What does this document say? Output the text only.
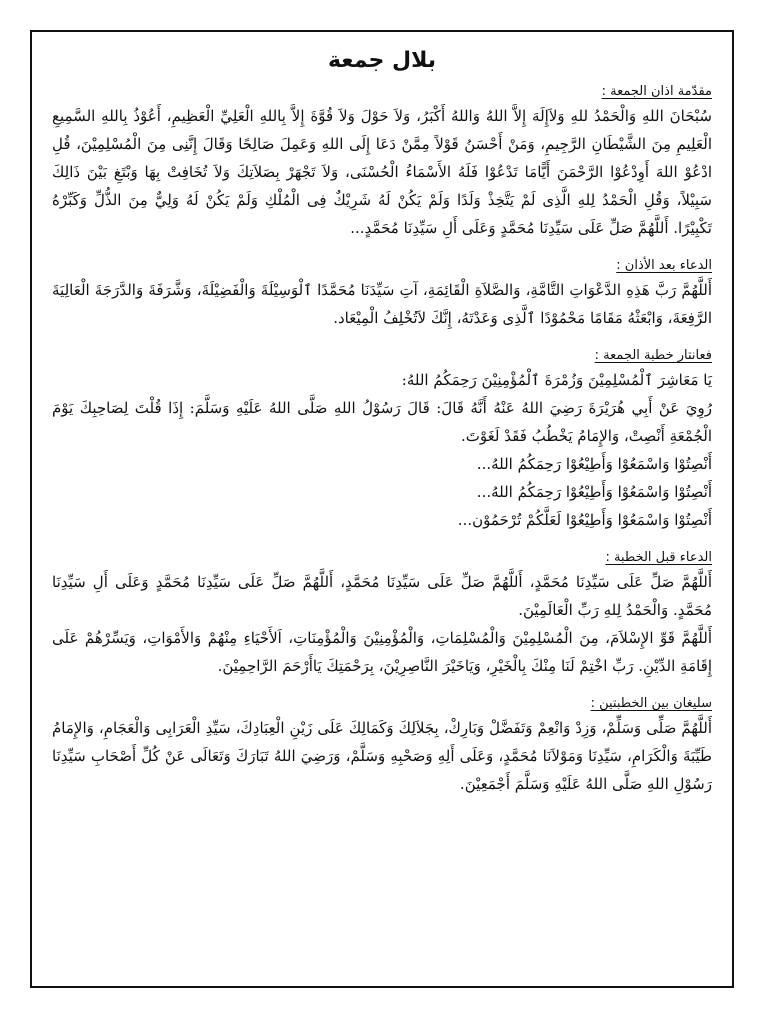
بلال جمعة
مقدّمة اذان الجمعة :

سُبْحَانَ اللهِ وَالْحَمْدُ للهِ وَلاَإِلَهَ إِلاَّ اللهُ وَاللهُ أَكْبَرُ، وَلاَ حَوْلَ وَلاَ قُوَّةَ إِلاَّ بِاللهِ الْعَلِيِّ الْعَظِيمِ، أَعُوْذُ بِاللهِ السَّمِيعِ الْعَلِيمِ مِنَ الشَّيْطَانِ الرَّجِيمِ، وَمَنْ أَحْسَنُ قَوْلاً مِمَّنْ دَعَا إِلَى اللهِ وَعَمِلَ صَالِحًا وَقَالَ إِنَّنِى مِنَ الْمُسْلِمِيْنَ، قُلِ ادْعُوْ اللهَ أَوِدْعُوْا الرَّحْمَنَ أَيًّامَا تَدْعُوْا فَلَهُ الأَسْمَاءُ الْحُسْنَى، وَلاَ تَجْهَرْ بِصَلاَتِكَ وَلاَ تُخَافِتْ بِهَا وَبْتَغِ بَيْنَ ذَالِكَ سَبِيْلاً، وَقُلِ الْحَمْدُ لِلهِ الَّذِى لَمْ يَتَّخِذْ وَلَدًا وَلَمْ يَكُنْ لَهُ شَرِيْكٌ فِى الْمُلْكِ وَلَمْ يَكُنْ لَهُ وَلِيٌّ مِنَ الذُّلِّ وَكَبِّرْهُ تَكْبِيْرًا. أَللَّهُمَّ صَلِّ عَلَى سَيِّدِنَا مُحَمَّدٍ وَعَلَى أَلِ سَيِّدِنَا مُحَمَّدٍ...

الدعاء بعد الأذان :

أَللَّهُمَّ رَبَّ هَذِهِ الدَّعْوَاتِ التَّامَّةِ، وَالصَّلاَةِ الْقَائِمَةِ، آتِ سَيِّدَنَا مُحَمَّدًا ٱلْوَسِيْلَةَ وَالْفَضِيْلَةَ، وَشَّرَفَةَ وَالدَّرَجَةَ الْعَالِيَةَ الرَّفِعَةَ، وَابْعَثْهُ مَقَامًا مَحْمُوْدًا ٱلَّذِى وَعَدْتَهُ، إِنَّكَ لاَتُخْلِفُ الْمِيْعَاد.

فعانتار خطبة الجمعة :

يَا مَعَاشِرَ ٱلْمُسْلِمِيْنَ وَزُمْرَةَ ٱلْمُؤْمِنِيْنَ رَحِمَكُمُ اللهُ:

رُوِيَ عَنْ أَبِي هُرَيْرَةَ رَضِيَ اللهُ عَنْهُ أَنَّهُ قَالَ: قَالَ رَسُوْلُ اللهِ صَلَّى اللهُ عَلَيْهِ وَسَلَّمَ: إِذَا قُلْتَ لِصَاحِبِكَ يَوْمَ الْجُمْعَةِ أَنْصِتْ، وَالإِمَامُ يَخْطُبُ فَقَدْ لَغَوْتَ.

أَنْصِتُوْا وَاسْمَعُوْا وَأَطِيْعُوْا رَحِمَكُمُ اللهُ...

أَنْصِتُوْا وَاسْمَعُوْا وَأَطِيْعُوْا رَحِمَكُمُ اللهُ...

أَنْصِتُوْا وَاسْمَعُوْا وَأَطِيْعُوْا لَعَلَّكُمْ تُرْحَمُوْن...

الدعاء قبل الخطبة :

أَللَّهُمَّ صَلِّ عَلَى سَيِّدِنَا مُحَمَّدٍ، أَللَّهُمَّ صَلِّ عَلَى سَيِّدِنَا مُحَمَّدٍ، أَللَّهُمَّ صَلِّ عَلَى سَيِّدِنَا مُحَمَّدٍ وَعَلَى أَلِ سَيِّدِنَا مُحَمَّدٍ. وَالْحَمْدُ لِلهِ رَبِّ الْعَالَمِيْنَ.

أَللَّهُمَّ قَوِّ الإِسْلاَمَ، مِنَ الْمُسْلِمِيْنَ وَالْمُسْلِمَاتِ، وَالْمُؤْمِنِيْنَ وَالْمُؤْمِنَاتِ، اَلأَحْيَاءِ مِنْهُمْ وَالأَمْوَاتِ، وَيَسِّرْهُمْ عَلَى إِقَامَةِ الدِّيْنِ. رَبِّ اخْتِمْ لَنَا مِنْكَ بِالْخَيْرِ، وَيَاخَيْرَ النَّاصِرِيْنَ، بِرَحْمَتِكَ يَاأَرْحَمَ الرَّاحِمِيْنَ.

سليغان بين الخطبتين :

أَللَّهُمَّ صَلِّى وَسَلِّمْ، وَزِدْ وَانْعِمْ وَتَفَضَّلْ وَبَارِكْ، بِجَلاَلِكَ وَكَمَالِكَ عَلَى زَيْنِ الْعِبَادِكَ، سَيِّدِ الْعَرَابِى وَالْعَجَامِ، وَالإِمَامُ طَيِّبَةَ وَالْكَرَامِ، سَيِّدِنَا وَمَوْلاَنَا مُحَمَّدٍ، وَعَلَى أَلِهِ وَصَحْبِهِ وَسَلَّمْ، وَرَضِيَ اللهُ تَبَارَكَ وَتَعَالَى عَنْ كُلِّ أَصْحَابِ سَيِّدِنَا رَسُوْلِ اللهِ صَلَّى اللهُ عَلَيْهِ وَسَلَّمَ أَجْمَعِيْنَ.
